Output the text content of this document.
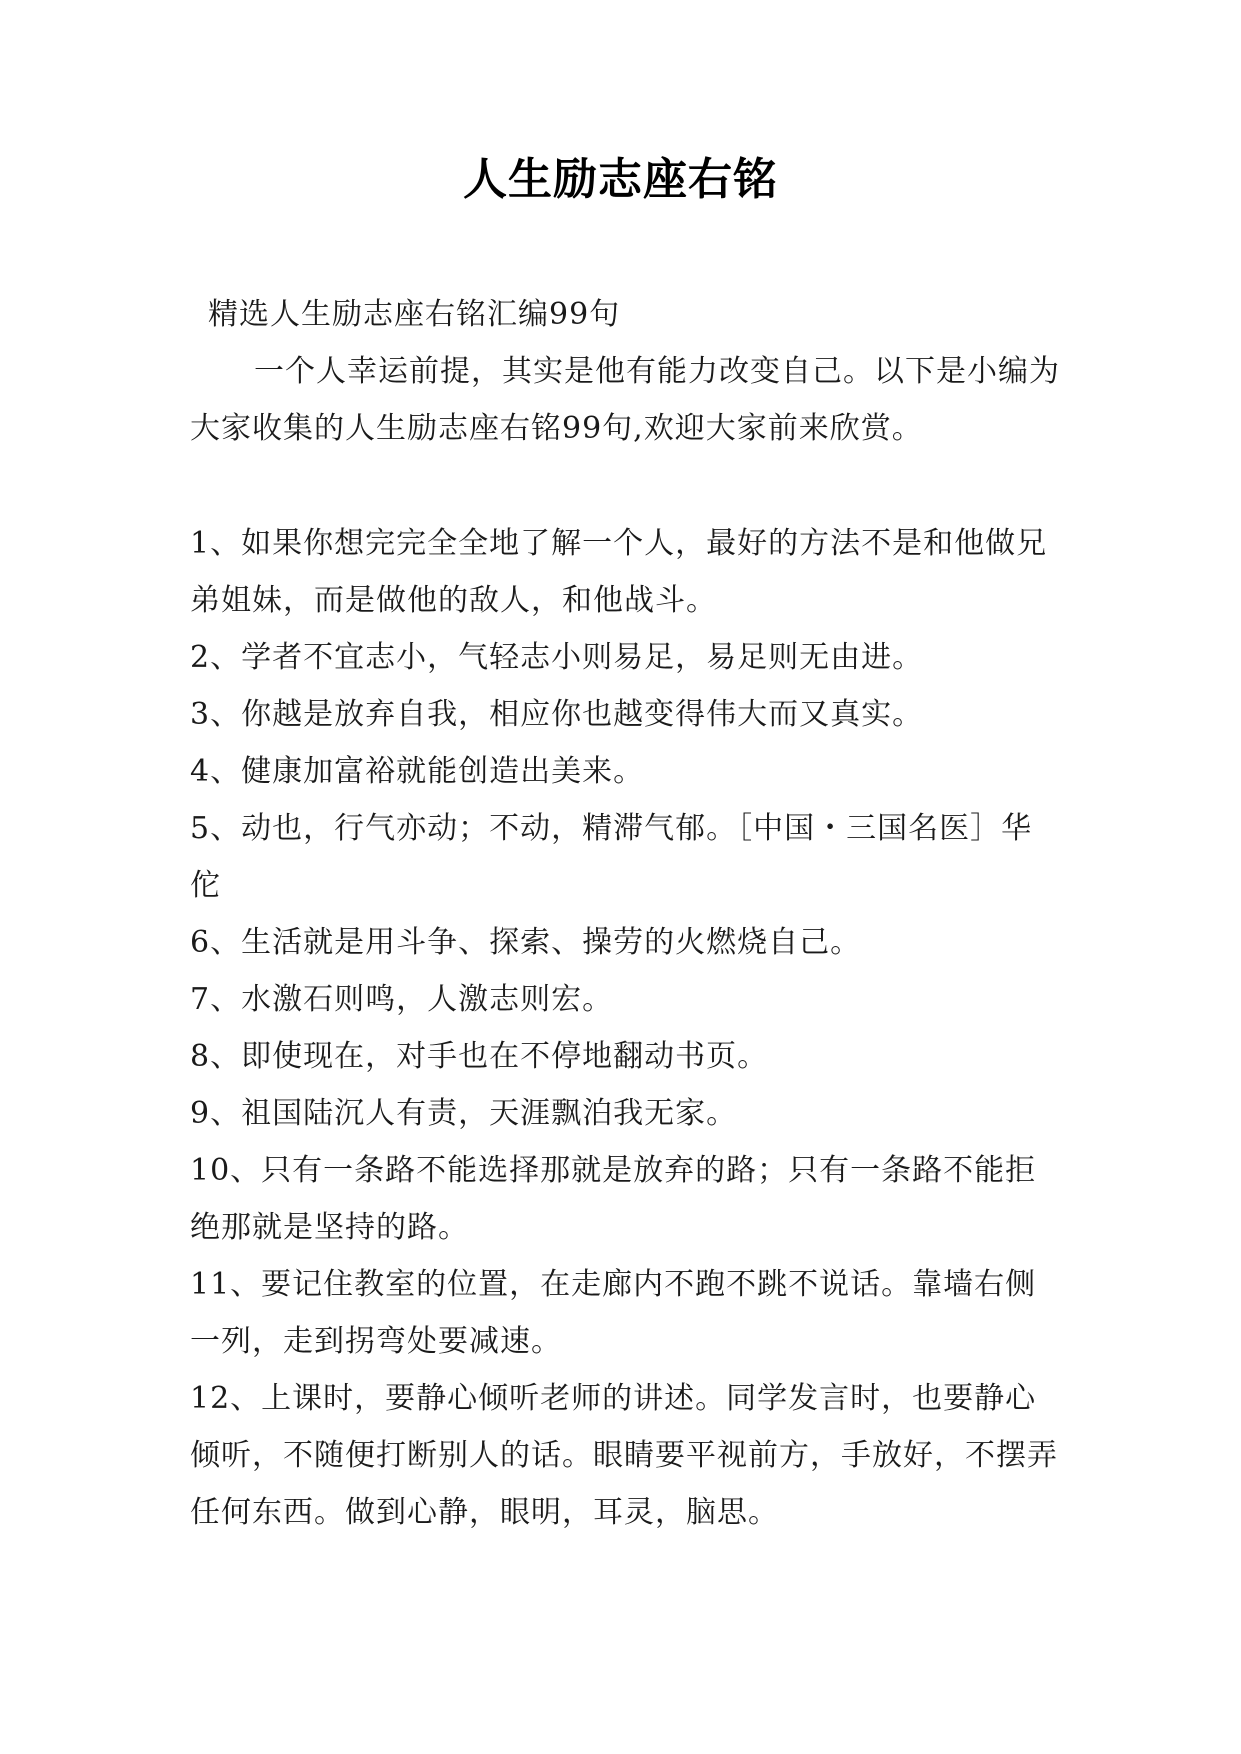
人生励志座右铭

精选人生励志座右铭汇编99句

一个人幸运前提，其实是他有能力改变自己。以下是小编为大家收集的人生励志座右铭99句,欢迎大家前来欣赏。

1、如果你想完完全全地了解一个人，最好的方法不是和他做兄弟姐妹，而是做他的敌人，和他战斗。

2、学者不宜志小，气轻志小则易足，易足则无由进。

3、你越是放弃自我，相应你也越变得伟大而又真实。

4、健康加富裕就能创造出美来。

5、动也，行气亦动；不动，精滞气郁。［中国・三国名医］华佗

6、生活就是用斗争、探索、操劳的火燃烧自己。

7、水激石则鸣，人激志则宏。

8、即使现在，对手也在不停地翻动书页。

9、祖国陆沉人有责，天涯飘泊我无家。

10、只有一条路不能选择那就是放弃的路；只有一条路不能拒绝那就是坚持的路。

11、要记住教室的位置，在走廊内不跑不跳不说话。靠墙右侧一列，走到拐弯处要减速。

12、上课时，要静心倾听老师的讲述。同学发言时，也要静心倾听，不随便打断别人的话。眼睛要平视前方，手放好，不摆弄任何东西。做到心静，眼明，耳灵，脑思。
